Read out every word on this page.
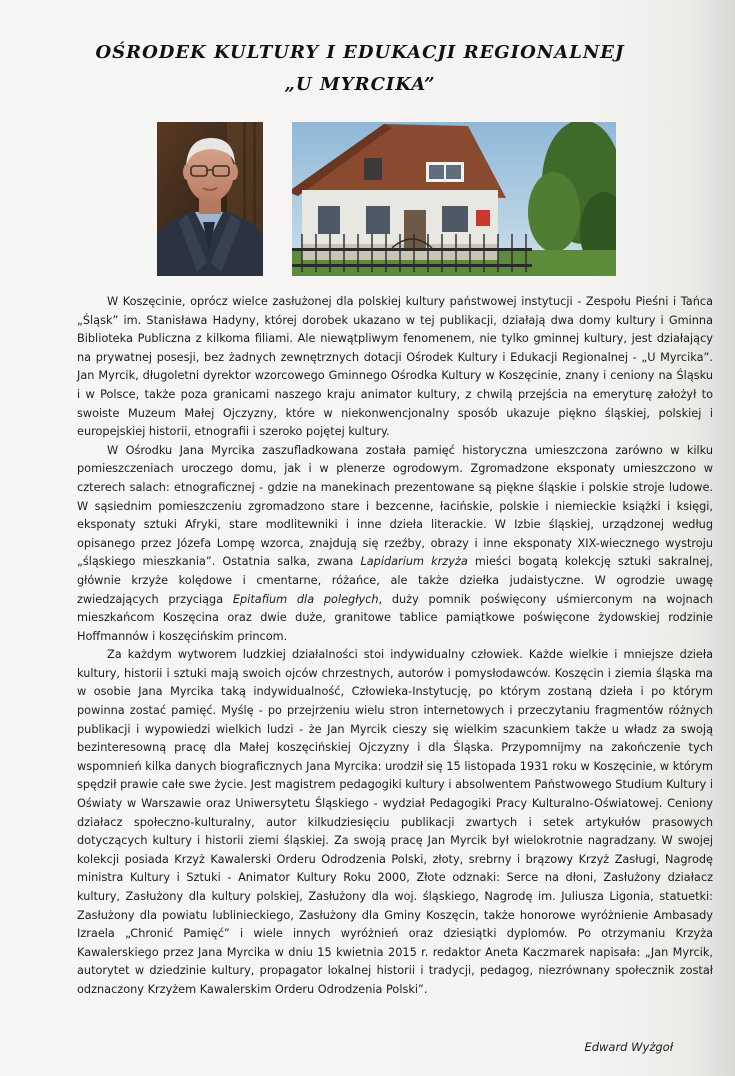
OŚRODEK KULTURY I EDUKACJI REGIONALNEJ
„U MYRCIKA”

W Koszęcinie, oprócz wielce zasłużonej dla polskiej kultury państwowej instytucji - Zespołu Pieśni i Tańca „Śląsk” im. Stanisława Hadyny, której dorobek ukazano w tej publikacji, działają dwa domy kultury i Gminna Biblioteka Publiczna z kilkoma filiami. Ale niewątpliwym fenomenem, nie tylko gminnej kultury, jest działający na prywatnej posesji, bez żadnych zewnętrznych dotacji Ośrodek Kultury i Edukacji Regionalnej - „U Myrcika”. Jan Myrcik, długoletni dyrektor wzorcowego Gminnego Ośrodka Kultury w Koszęcinie, znany i ceniony na Śląsku i w Polsce, także poza granicami naszego kraju animator kultury, z chwilą przejścia na emeryturę założył to swoiste Muzeum Małej Ojczyzny, które w niekonwencjonalny sposób ukazuje piękno śląskiej, polskiej i europejskiej historii, etnografii i szeroko pojętej kultury.

W Ośrodku Jana Myrcika zaszufladkowana została pamięć historyczna umieszczona zarówno w kilku pomieszczeniach uroczego domu, jak i w plenerze ogrodowym. Zgromadzone eksponaty umieszczono w czterech salach: etnograficznej - gdzie na manekinach prezentowane są piękne śląskie i polskie stroje ludowe. W sąsiednim pomieszczeniu zgromadzono stare i bezcenne, łacińskie, polskie i niemieckie książki i księgi, eksponaty sztuki Afryki, stare modlitewniki i inne dzieła literackie. W Izbie śląskiej, urządzonej według opisanego przez Józefa Lompę wzorca, znajdują się rzeźby, obrazy i inne eksponaty XIX-wiecznego wystroju „śląskiego mieszkania”. Ostatnia salka, zwana Lapidarium krzyża mieści bogatą kolekcję sztuki sakralnej, głównie krzyże kolędowe i cmentarne, różańce, ale także dziełka judaistyczne. W ogrodzie uwagę zwiedzających przyciąga Epitafium dla poległych, duży pomnik poświęcony uśmierconym na wojnach mieszkańcom Koszęcina oraz dwie duże, granitowe tablice pamiątkowe poświęcone żydowskiej rodzinie Hoffmannów i koszęcińskim princom.

Za każdym wytworem ludzkiej działalności stoi indywidualny człowiek. Każde wielkie i mniejsze dzieła kultury, historii i sztuki mają swoich ojców chrzestnych, autorów i pomysłodawców. Koszęcin i ziemia śląska ma w osobie Jana Myrcika taką indywidualność, Człowieka-Instytucję, po którym zostaną dzieła i po którym powinna zostać pamięć. Myślę - po przejrzeniu wielu stron internetowych i przeczytaniu fragmentów różnych publikacji i wypowiedzi wielkich ludzi - że Jan Myrcik cieszy się wielkim szacunkiem także u władz za swoją bezinteresowną pracę dla Małej koszęcińskiej Ojczyzny i dla Śląska. Przypomnijmy na zakończenie tych wspomnień kilka danych biograficznych Jana Myrcika: urodził się 15 listopada 1931 roku w Koszęcinie, w którym spędził prawie całe swe życie. Jest magistrem pedagogiki kultury i absolwentem Państwowego Studium Kultury i Oświaty w Warszawie oraz Uniwersytetu Śląskiego - wydział Pedagogiki Pracy Kulturalno-Oświatowej. Ceniony działacz społeczno-kulturalny, autor kilkudziesięciu publikacji zwartych i setek artykułów prasowych dotyczących kultury i historii ziemi śląskiej. Za swoją pracę Jan Myrcik był wielokrotnie nagradzany. W swojej kolekcji posiada Krzyż Kawalerski Orderu Odrodzenia Polski, złoty, srebrny i brązowy Krzyż Zasługi, Nagrodę ministra Kultury i Sztuki - Animator Kultury Roku 2000, Złote odznaki: Serce na dłoni, Zasłużony działacz kultury, Zasłużony dla kultury polskiej, Zasłużony dla woj. śląskiego, Nagrodę im. Juliusza Ligonia, statuetki: Zasłużony dla powiatu lublinieckiego, Zasłużony dla Gminy Koszęcin, także honorowe wyróżnienie Ambasady Izraela „Chronić Pamięć” i wiele innych wyróżnień oraz dziesiątki dyplomów. Po otrzymaniu Krzyża Kawalerskiego przez Jana Myrcika w dniu 15 kwietnia 2015 r. redaktor Aneta Kaczmarek napisała: „Jan Myrcik, autorytet w dziedzinie kultury, propagator lokalnej historii i tradycji, pedagog, niezrównany społecznik został odznaczony Krzyżem Kawalerskim Orderu Odrodzenia Polski”.

Edward Wyżgoł
